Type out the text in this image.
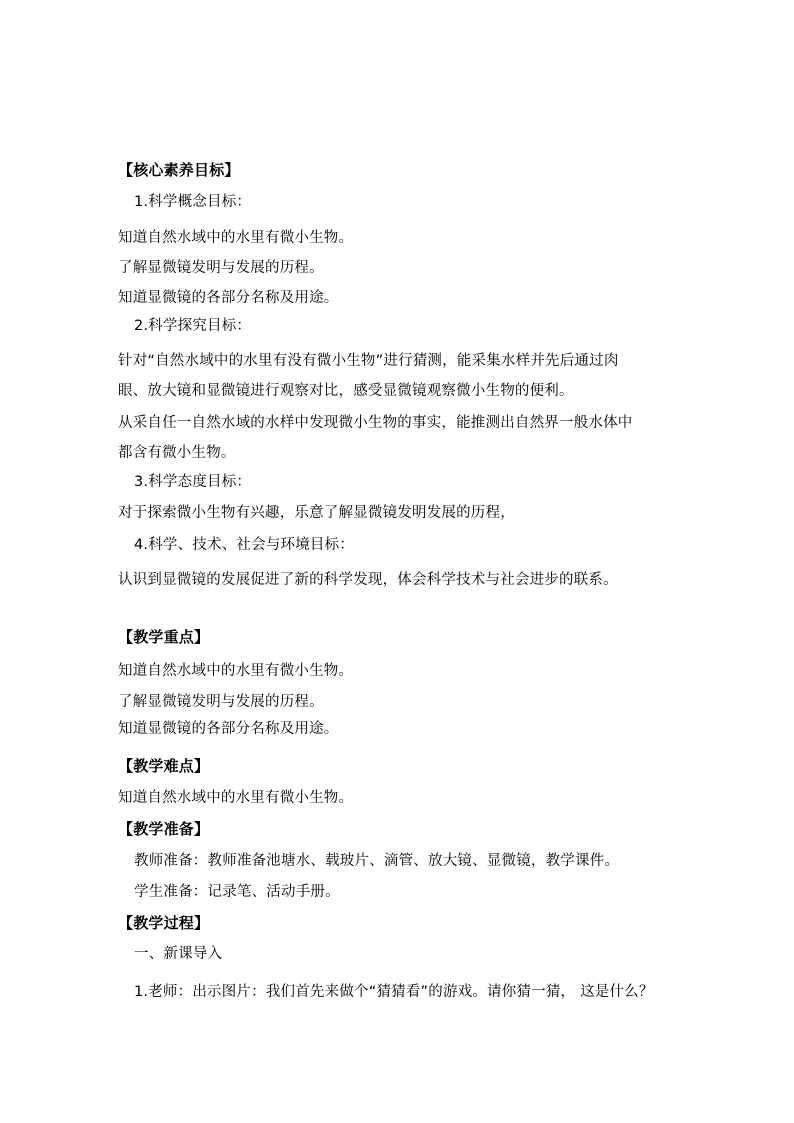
【核心素养目标】
1.科学概念目标：
知道自然水域中的水里有微小生物。
了解显微镜发明与发展的历程。
知道显微镜的各部分名称及用途。
2.科学探究目标：
针对“自然水域中的水里有没有微小生物”进行猜测，能采集水样并先后通过肉
眼、放大镜和显微镜进行观察对比，感受显微镜观察微小生物的便利。
从采自任一自然水域的水样中发现微小生物的事实，能推测出自然界一般水体中
都含有微小生物。
3.科学态度目标：
对于探索微小生物有兴趣，乐意了解显微镜发明发展的历程，
4.科学、技术、社会与环境目标：
认识到显微镜的发展促进了新的科学发现，体会科学技术与社会进步的联系。
【教学重点】
知道自然水域中的水里有微小生物。
了解显微镜发明与发展的历程。
知道显微镜的各部分名称及用途。
【教学难点】
知道自然水域中的水里有微小生物。
【教学准备】
教师准备：教师准备池塘水、载玻片、滴管、放大镜、显微镜，教学课件。
学生准备：记录笔、活动手册。
【教学过程】
一、新课导入
1.老师：出示图片：我们首先来做个“猜猜看”的游戏。请你猜一猜， 这是什么？
